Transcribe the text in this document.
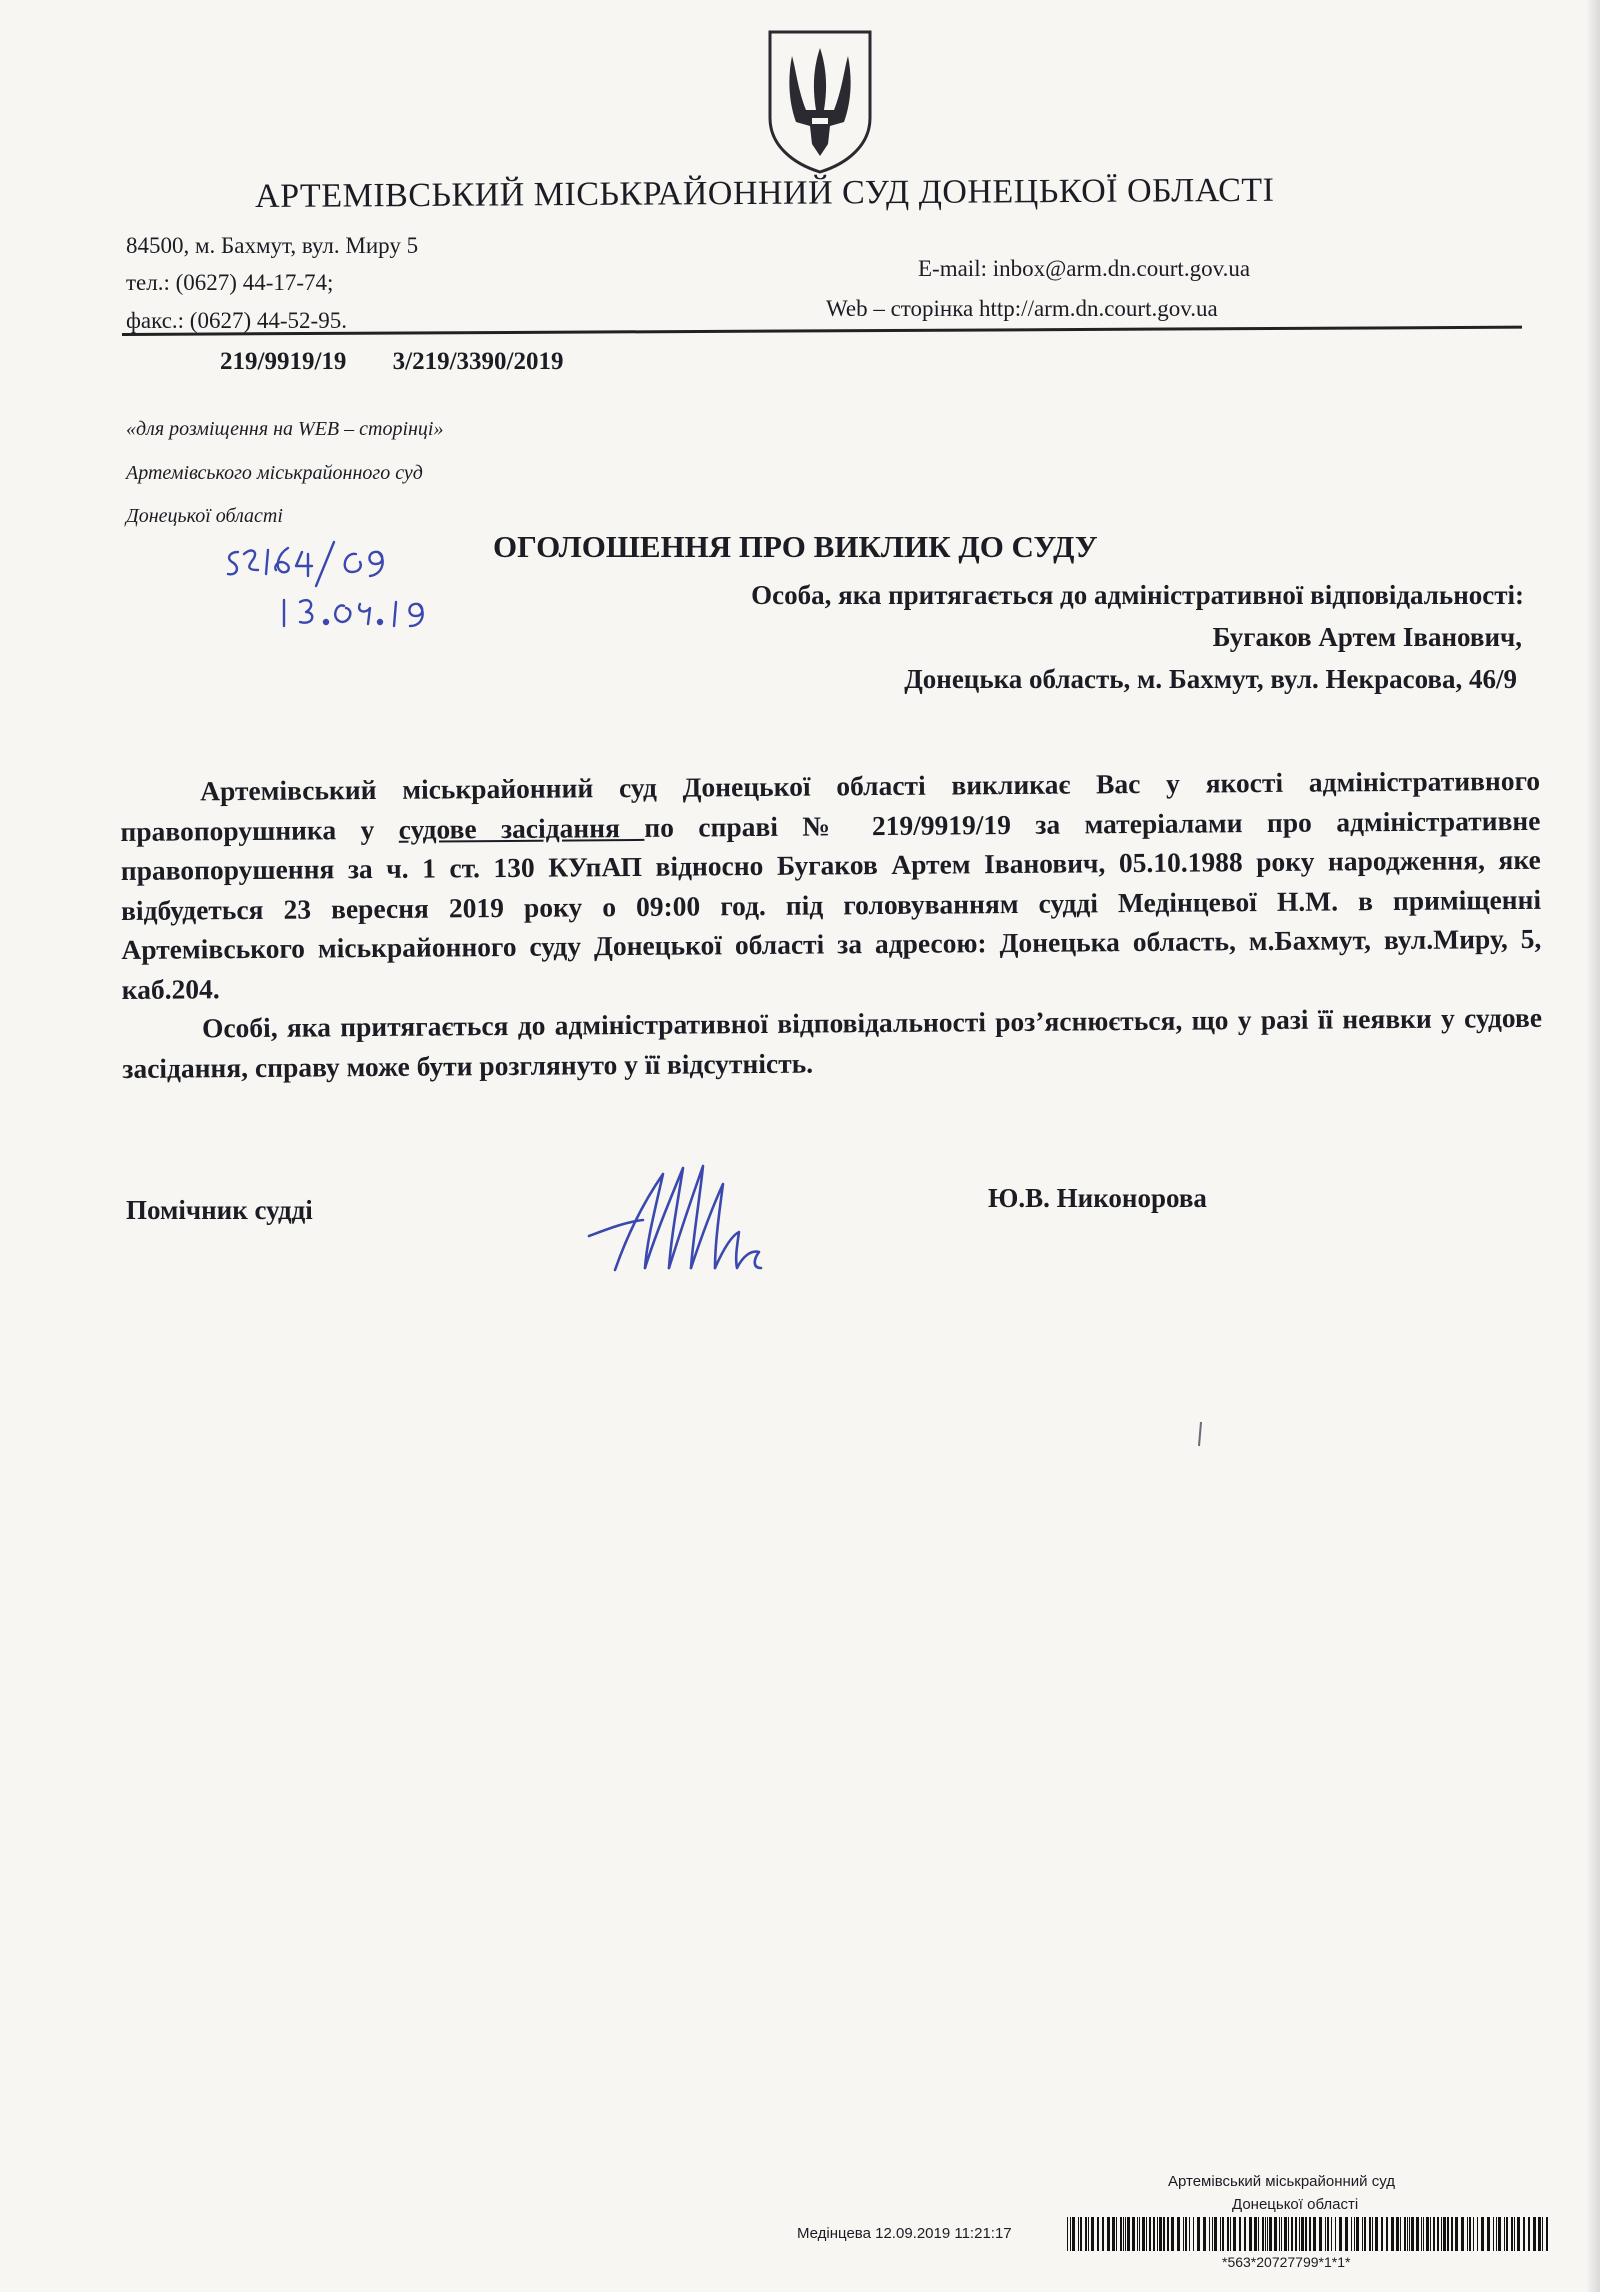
АРТЕМІВСЬКИЙ МІСЬКРАЙОННИЙ СУД ДОНЕЦЬКОЇ ОБЛАСТІ
84500, м. Бахмут, вул. Миру 5
тел.: (0627) 44-17-74;
факс.: (0627) 44-52-95.
E-mail: inbox@arm.dn.court.gov.ua
Web – сторінка http://arm.dn.court.gov.ua
219/9919/19 3/219/3390/2019
«для розміщення на WEB – сторінці»
Артемівського міськрайонного суд
Донецької області
ОГОЛОШЕННЯ ПРО ВИКЛИК ДО СУДУ
Особа, яка притягається до адміністративної відповідальності:
Бугаков Артем Іванович,
Донецька область, м. Бахмут, вул. Некрасова, 46/9

Артемівський міськрайонний суд Донецької області викликає Вас у якості адміністративного правопорушника у судове засідання по справі № 219/9919/19 за матеріалами про адміністративне правопорушення за ч. 1 ст. 130 КУпАП відносно Бугаков Артем Іванович, 05.10.1988 року народження, яке відбудеться 23 вересня 2019 року о 09:00 год. під головуванням судді Медінцевої Н.М. в приміщенні Артемівського міськрайонного суду Донецької області за адресою: Донецька область, м.Бахмут, вул.Миру, 5, каб.204.

Особі, яка притягається до адміністративної відповідальності роз’яснюється, що у разі її неявки у судове засідання, справу може бути розглянуто у її відсутність.

Помічник судді	Ю.В. Никонорова
Артемівський міськрайонний суд
Донецької області
Медінцева 12.09.2019 11:21:17
*563*20727799*1*1*
